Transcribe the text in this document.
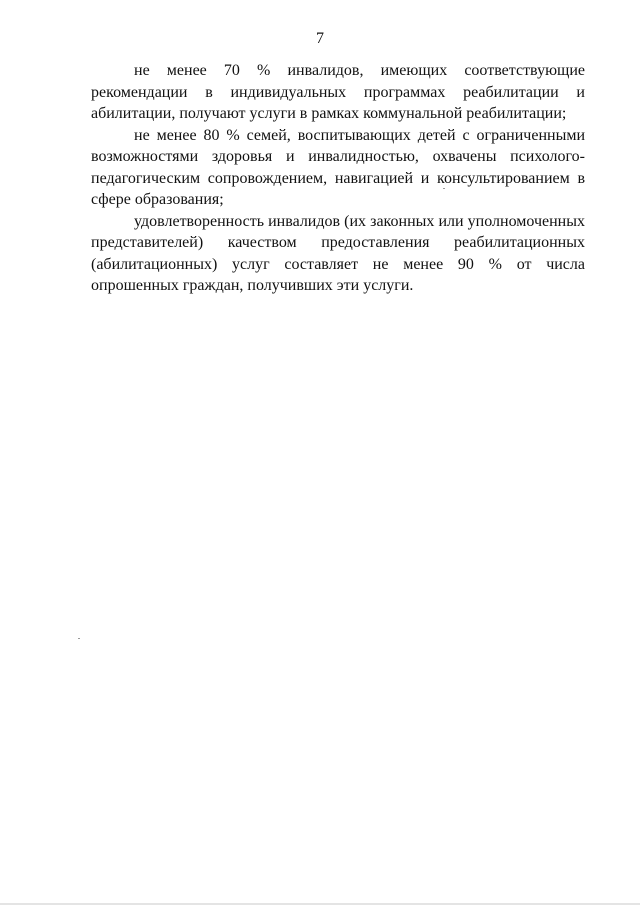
7

не менее 70 % инвалидов, имеющих соответствующие рекомендации в индивидуальных программах реабилитации и абилитации, получают услуги в рамках коммунальной реабилитации;

не менее 80 % семей, воспитывающих детей с ограниченными возможностями здоровья и инвалидностью, охвачены психолого-педагогическим сопровождением, навигацией и консультированием в сфере образования;

удовлетворенность инвалидов (их законных или уполномоченных представителей) качеством предоставления реабилитационных (абилитационных) услуг составляет не менее 90 % от числа опрошенных граждан, получивших эти услуги.
